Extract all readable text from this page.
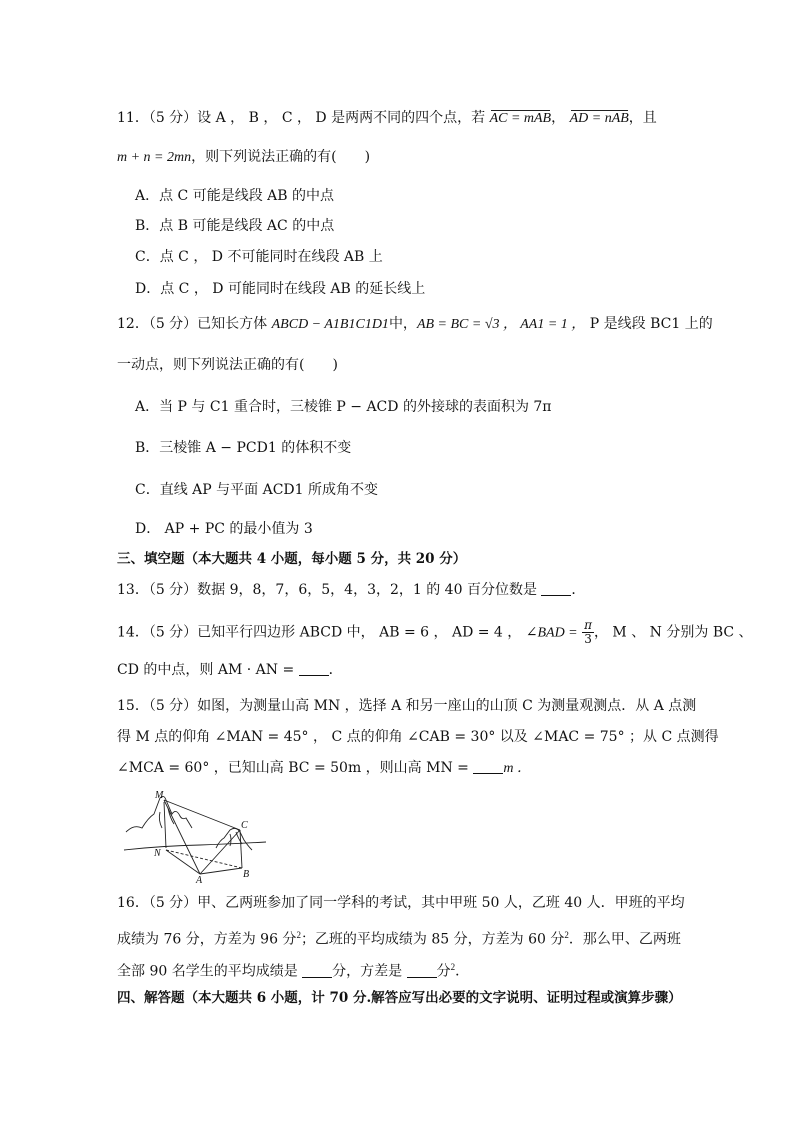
11．（5 分）设 A ， B ， C ， D 是两两不同的四个点，若 AC = mAB， AD = nAB，且
m + n = 2mn，则下列说法正确的有(　　)
A．点 C 可能是线段 AB 的中点
B．点 B 可能是线段 AC 的中点
C．点 C ， D 不可能同时在线段 AB 上
D．点 C ， D 可能同时在线段 AB 的延长线上
12．（5 分）已知长方体 ABCD − A1B1C1D1中，AB = BC = √3 ， AA1 = 1 ， P 是线段 BC1 上的
一动点，则下列说法正确的有(　　)
A．当 P 与 C1 重合时，三棱锥 P − ACD 的外接球的表面积为 7π
B．三棱锥 A − PCD1 的体积不变
C．直线 AP 与平面 ACD1 所成角不变
D． AP + PC 的最小值为 3
三、填空题（本大题共 4 小题，每小题 5 分，共 20 分）
13．（5 分）数据 9，8，7，6，5，4，3，2，1 的 40 百分位数是 ．
14．（5 分）已知平行四边形 ABCD 中， AB = 6 ， AD = 4 ， ∠BAD = $\frac{\pi}{3}$ ， M 、 N 分别为 BC 、
CD 的中点，则 AM · AN = ．
15．（5 分）如图，为测量山高 MN ，选择 A 和另一座山的山顶 C 为测量观测点．从 A 点测
得 M 点的仰角 ∠MAN = 45° ， C 点的仰角 ∠CAB = 30° 以及 ∠MAC = 75° ；从 C 点测得
∠MCA = 60° ，已知山高 BC = 50m ，则山高 MN = m ．
M
C
N
A
B
16．（5 分）甲、乙两班参加了同一学科的考试，其中甲班 50 人，乙班 40 人．甲班的平均
成绩为 76 分，方差为 96 分$^2$；乙班的平均成绩为 85 分，方差为 60 分$^2$．那么甲、乙两班
全部 90 名学生的平均成绩是 分，方差是 分$^2$．
四、解答题（本大题共 6 小题，计 70 分.解答应写出必要的文字说明、证明过程或演算步骤）
